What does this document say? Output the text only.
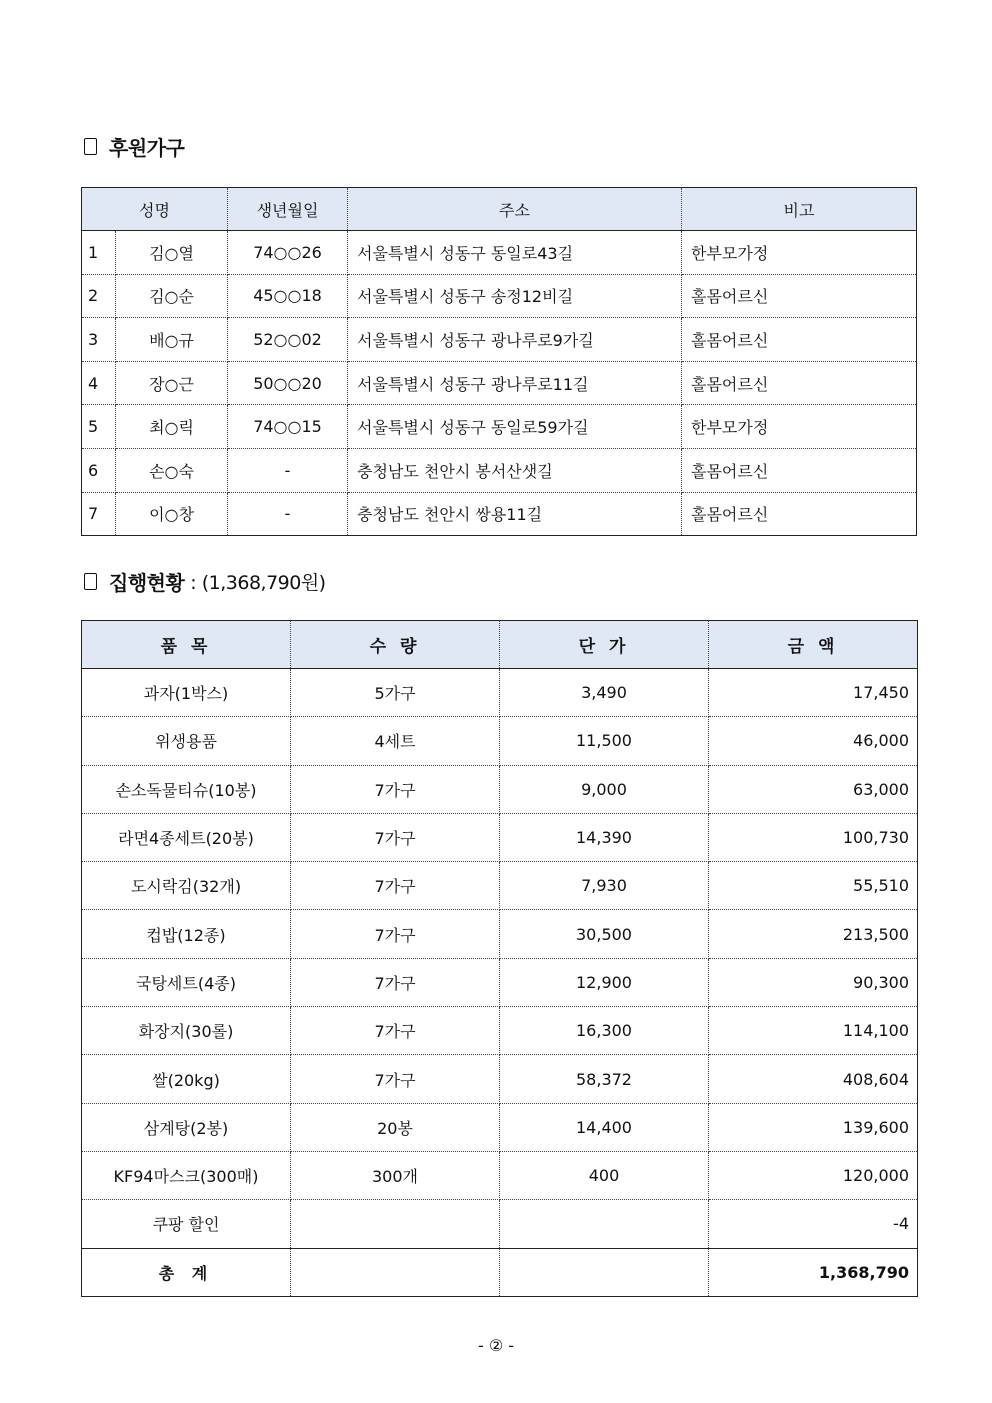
후원가구
성명		생년월일	주소	비고
1	김○열	74○○26	서울특별시 성동구 동일로43길	한부모가정
2	김○순	45○○18	서울특별시 성동구 송정12비길	홀몸어르신
3	배○규	52○○02	서울특별시 성동구 광나루로9가길	홀몸어르신
4	장○근	50○○20	서울특별시 성동구 광나루로11길	홀몸어르신
5	최○릭	74○○15	서울특별시 성동구 동일로59가길	한부모가정
6	손○숙	-	충청남도 천안시 봉서산샛길	홀몸어르신
7	이○창	-	충청남도 천안시 쌍용11길	홀몸어르신
집행현황 : (1,368,790원)
품 목	수 량	단 가	금 액
과자(1박스)	5가구	3,490	17,450
위생용품	4세트	11,500	46,000
손소독물티슈(10봉)	7가구	9,000	63,000
라면4종세트(20봉)	7가구	14,390	100,730
도시락김(32개)	7가구	7,930	55,510
컵밥(12종)	7가구	30,500	213,500
국탕세트(4종)	7가구	12,900	90,300
화장지(30롤)	7가구	16,300	114,100
쌀(20kg)	7가구	58,372	408,604
삼계탕(2봉)	20봉	14,400	139,600
KF94마스크(300매)	300개	400	120,000
쿠팡 할인			-4
총 계			1,368,790
- ② -
